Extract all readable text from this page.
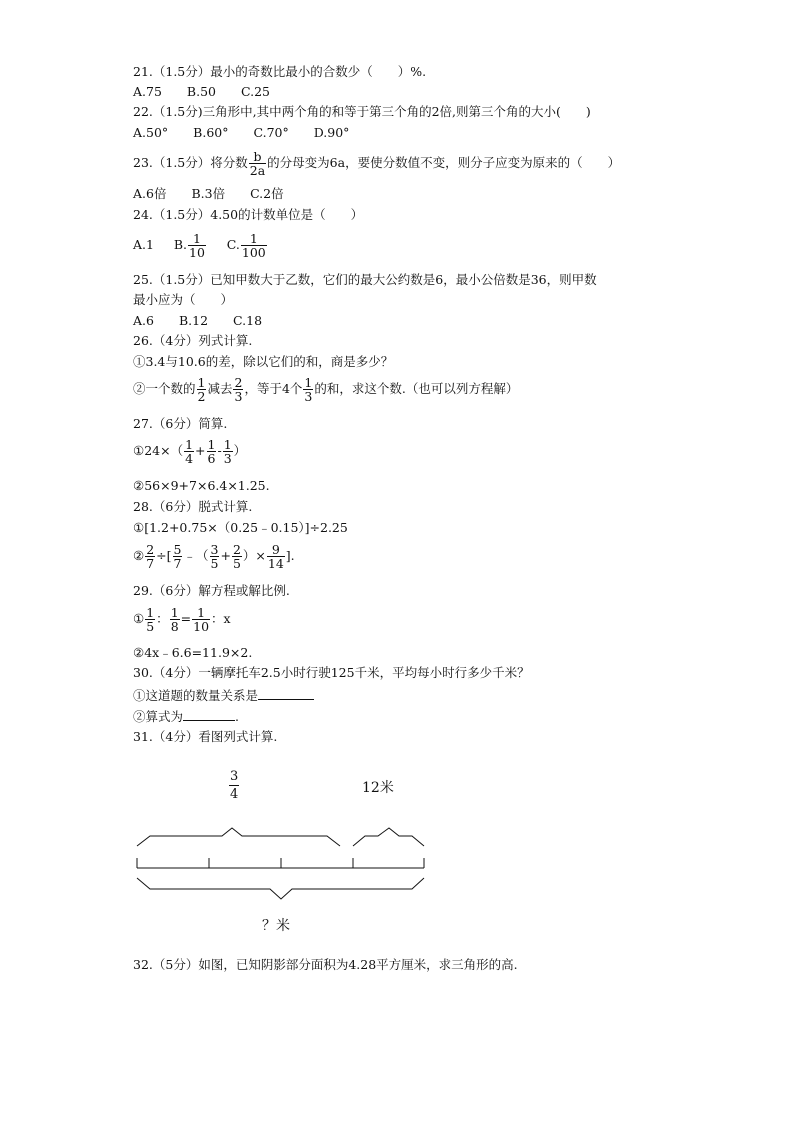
21.（1.5分）最小的奇数比最小的合数少（　　）%.
A.75　　B.50　　C.25
22.（1.5分)三角形中,其中两个角的和等于第三个角的2倍,则第三个角的大小(　　)
A.50°　　B.60°　　C.70°　　D.90°
23.（1.5分）将分数 $\frac{b}{2a}$ 的分母变为6a，要使分数值不变，则分子应变为原来的（　　）
A.6倍　　B.3倍　　C.2倍
24.（1.5分）4.50的计数单位是（　　）
A.1 B. $\frac{1}{10} C$. $\frac{1}{100}$
25.（1.5分）已知甲数大于乙数，它们的最大公约数是6，最小公倍数是36，则甲数
最小应为（　　）
A.6　　B.12　　C.18
26.（4分）列式计算.
①3.4与10.6的差，除以它们的和，商是多少？
②一个数的 $\frac{1}{2}$ 减去 $\frac{2}{3}$ ，等于4个 $\frac{1}{3}$ 的和，求这个数.（也可以列方程解）
27.（6分）简算.
①24×（ $\frac{1}{4} + \frac{1}{6} - \frac{1}{3}$ ）
②56×9+7×6.4×1.25.
28.（6分）脱式计算.
①[1.2+0.75×（0.25﹣0.15）]÷2.25
② $\frac{2}{7}$ ÷[ $\frac{5}{7}$ ﹣（ $\frac{3}{5} + \frac{2}{5}$ ）× $\frac{9}{14}$ ].
29.（6分）解方程或解比例.
① $\frac{1}{5}$ ： $\frac{1}{8} = \frac{1}{10}$ ：x
②4x﹣6.6=11.9×2.
30.（4分）一辆摩托车2.5小时行驶125千米，平均每小时行多少千米？
①这道题的数量关系是
②算式为	.
31.（4分）看图列式计算.
3
4	12米
？米
32.（5分）如图，已知阴影部分面积为4.28平方厘米，求三角形的高.
